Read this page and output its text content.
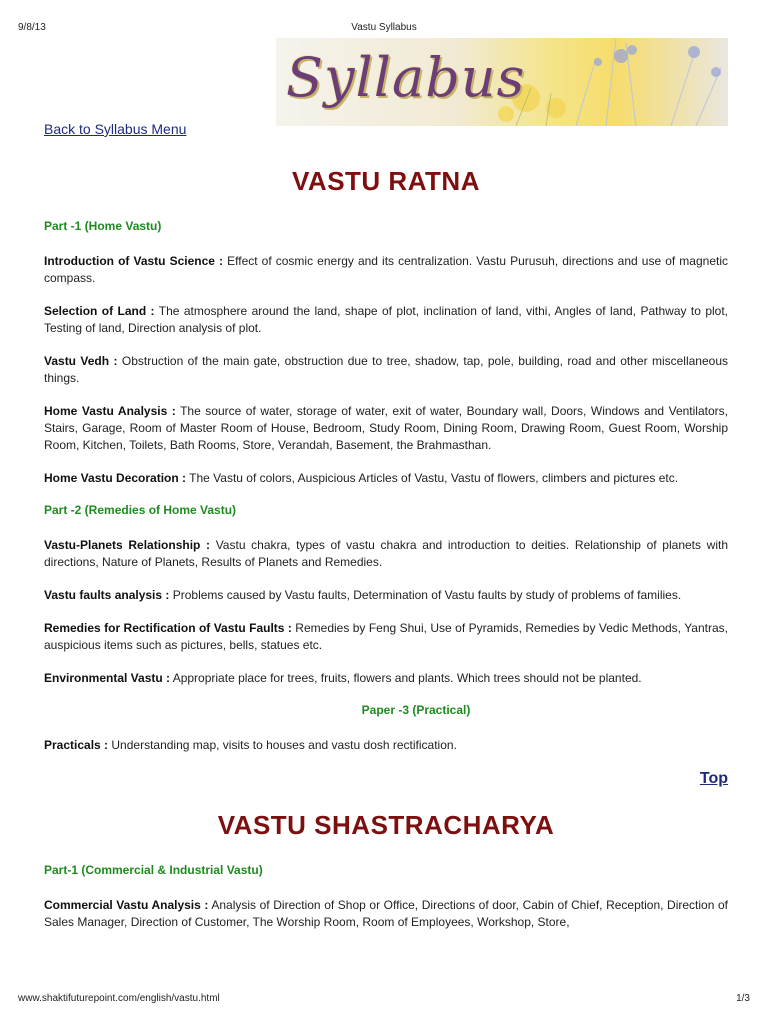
9/8/13	Vastu Syllabus
Syllabus
Back to Syllabus Menu
VASTU RATNA
Part -1 (Home Vastu)

Introduction of Vastu Science : Effect of cosmic energy and its centralization. Vastu Purusuh, directions and use of magnetic compass.

Selection of Land : The atmosphere around the land, shape of plot, inclination of land, vithi, Angles of land, Pathway to plot, Testing of land, Direction analysis of plot.

Vastu Vedh : Obstruction of the main gate, obstruction due to tree, shadow, tap, pole, building, road and other miscellaneous things.

Home Vastu Analysis : The source of water, storage of water, exit of water, Boundary wall, Doors, Windows and Ventilators, Stairs, Garage, Room of Master Room of House, Bedroom, Study Room, Dining Room, Drawing Room, Guest Room, Worship Room, Kitchen, Toilets, Bath Rooms, Store, Verandah, Basement, the Brahmasthan.

Home Vastu Decoration : The Vastu of colors, Auspicious Articles of Vastu, Vastu of flowers, climbers and pictures etc.

Part -2 (Remedies of Home Vastu)

Vastu-Planets Relationship : Vastu chakra, types of vastu chakra and introduction to deities. Relationship of planets with directions, Nature of Planets, Results of Planets and Remedies.

Vastu faults analysis : Problems caused by Vastu faults, Determination of Vastu faults by study of problems of families.

Remedies for Rectification of Vastu Faults : Remedies by Feng Shui, Use of Pyramids, Remedies by Vedic Methods, Yantras, auspicious items such as pictures, bells, statues etc.

Environmental Vastu : Appropriate place for trees, fruits, flowers and plants. Which trees should not be planted.

Paper -3 (Practical)

Practicals : Understanding map, visits to houses and vastu dosh rectification.

Top
VASTU SHASTRACHARYA
Part-1 (Commercial & Industrial Vastu)

Commercial Vastu Analysis : Analysis of Direction of Shop or Office, Directions of door, Cabin of Chief, Reception, Direction of Sales Manager, Direction of Customer, The Worship Room, Room of Employees, Workshop, Store,

www.shaktifuturepoint.com/english/vastu.html	1/3
